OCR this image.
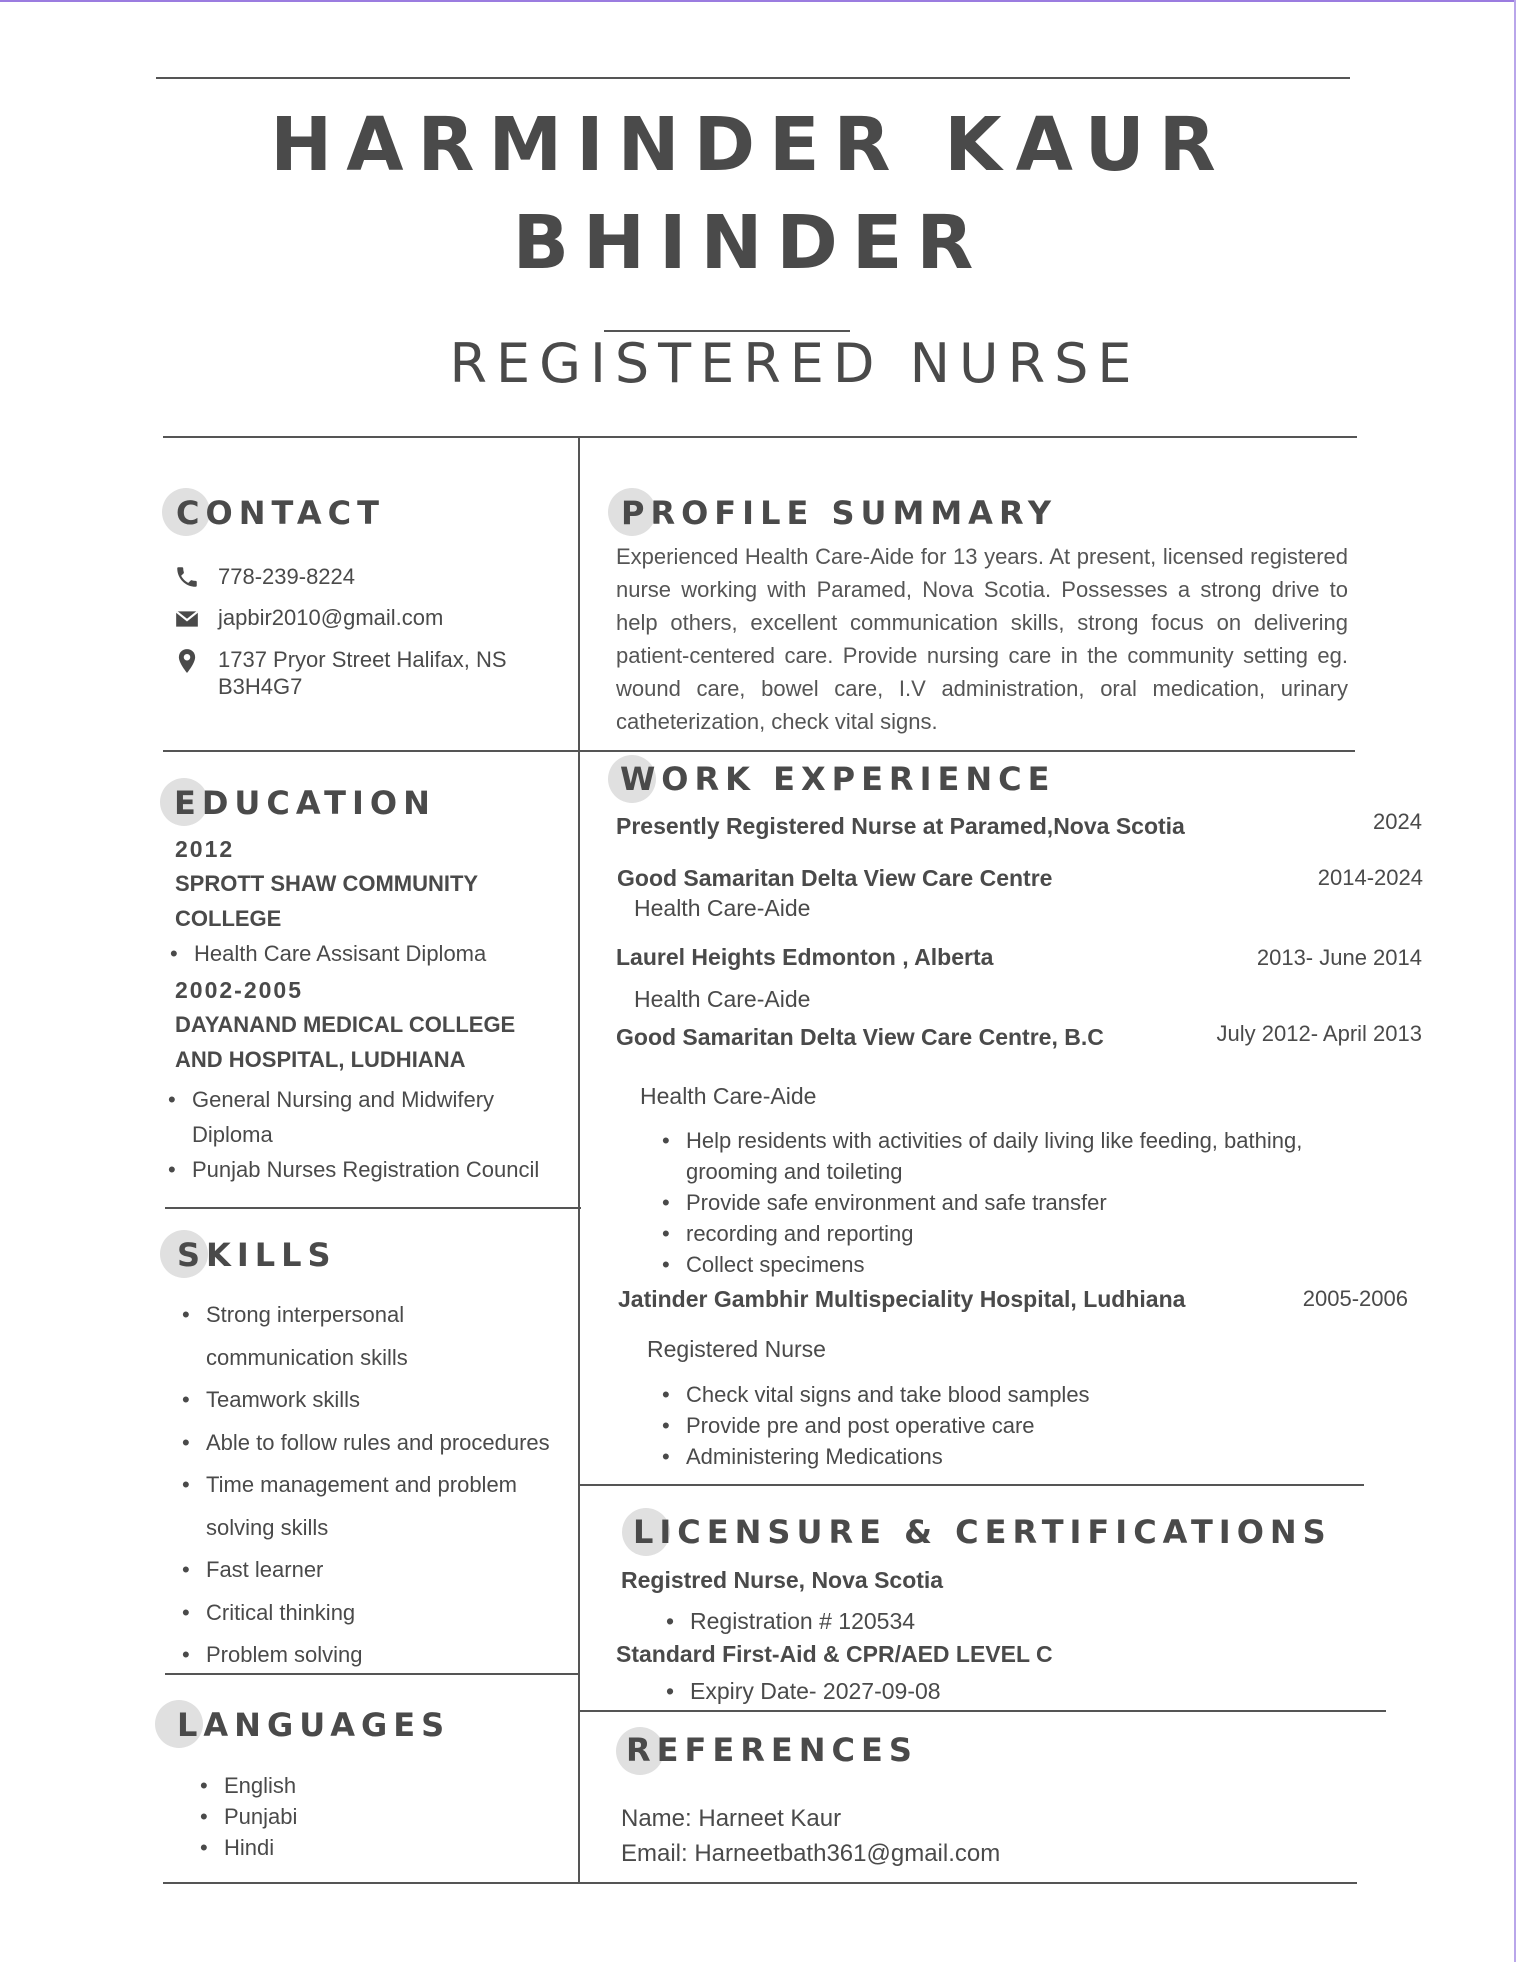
HARMINDER KAUR
BHINDER
REGISTERED NURSE
CONTACT
778-239-8224
japbir2010@gmail.com
1737 Pryor Street Halifax, NS
B3H4G7
PROFILE SUMMARY
Experienced Health Care-Aide for 13 years. At present, licensed registered nurse working with Paramed, Nova Scotia. Possesses a strong drive to help others, excellent communication skills, strong focus on delivering patient-centered care. Provide nursing care in the community setting eg. wound care, bowel care, I.V administration, oral medication, urinary catheterization, check vital signs.
EDUCATION
2012
SPROTT SHAW COMMUNITY
COLLEGE
• Health Care Assisant Diploma
2002-2005
DAYANAND MEDICAL COLLEGE
AND HOSPITAL, LUDHIANA
• General Nursing and Midwifery
Diploma
• Punjab Nurses Registration Council
SKILLS
• Strong interpersonal
communication skills
• Teamwork skills
• Able to follow rules and procedures
• Time management and problem
solving skills
• Fast learner
• Critical thinking
• Problem solving
LANGUAGES
• English
• Punjabi
• Hindi
WORK EXPERIENCE
Presently Registered Nurse at Paramed,Nova Scotia	2024
Good Samaritan Delta View Care Centre	2014-2024
Health Care-Aide
Laurel Heights Edmonton , Alberta	2013- June 2014
Health Care-Aide
Good Samaritan Delta View Care Centre, B.C	July 2012- April 2013
Health Care-Aide
• Help residents with activities of daily living like feeding, bathing,
grooming and toileting
• Provide safe environment and safe transfer
• recording and reporting
• Collect specimens
Jatinder Gambhir Multispeciality Hospital, Ludhiana	2005-2006
Registered Nurse
• Check vital signs and take blood samples
• Provide pre and post operative care
• Administering Medications
LICENSURE & CERTIFICATIONS
Registred Nurse, Nova Scotia
• Registration # 120534
Standard First-Aid & CPR/AED LEVEL C
• Expiry Date- 2027-09-08
REFERENCES
Name: Harneet Kaur
Email: Harneetbath361@gmail.com
